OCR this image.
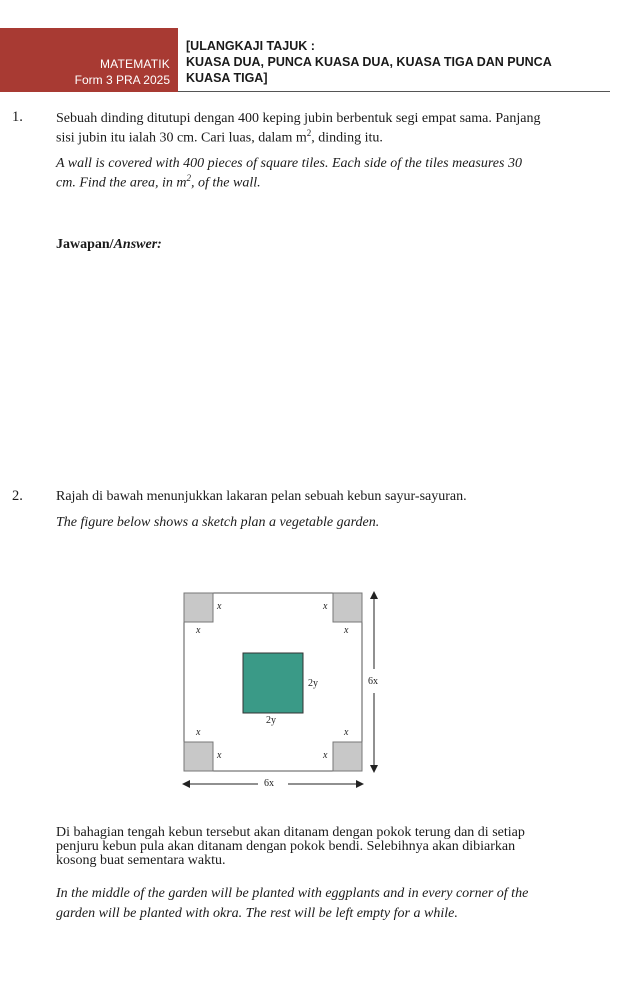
MATEMATIK
Form 3 PRA 2025
[ULANGKAJI TAJUK :
KUASA DUA, PUNCA KUASA DUA, KUASA TIGA DAN PUNCA
KUASA TIGA]
1. Sebuah dinding ditutupi dengan 400 keping jubin berbentuk segi empat sama. Panjang
sisi jubin itu ialah 30 cm. Cari luas, dalam $m^2$, dinding itu.
A wall is covered with 400 pieces of square tiles. Each side of the tiles measures 30
cm. Find the area, in $m^2$, of the wall.
Jawapan/Answer:
2. Rajah di bawah menunjukkan lakaran pelan sebuah kebun sayur-sayuran.
The figure below shows a sketch plan a vegetable garden.
x
x
x
x
x
x
x
x
2y
2y
6x
6x
Di bahagian tengah kebun tersebut akan ditanam dengan pokok terung dan di setiap
penjuru kebun pula akan ditanam dengan pokok bendi. Selebihnya akan dibiarkan
kosong buat sementara waktu.
In the middle of the garden will be planted with eggplants and in every corner of the
garden will be planted with okra. The rest will be left empty for a while.
